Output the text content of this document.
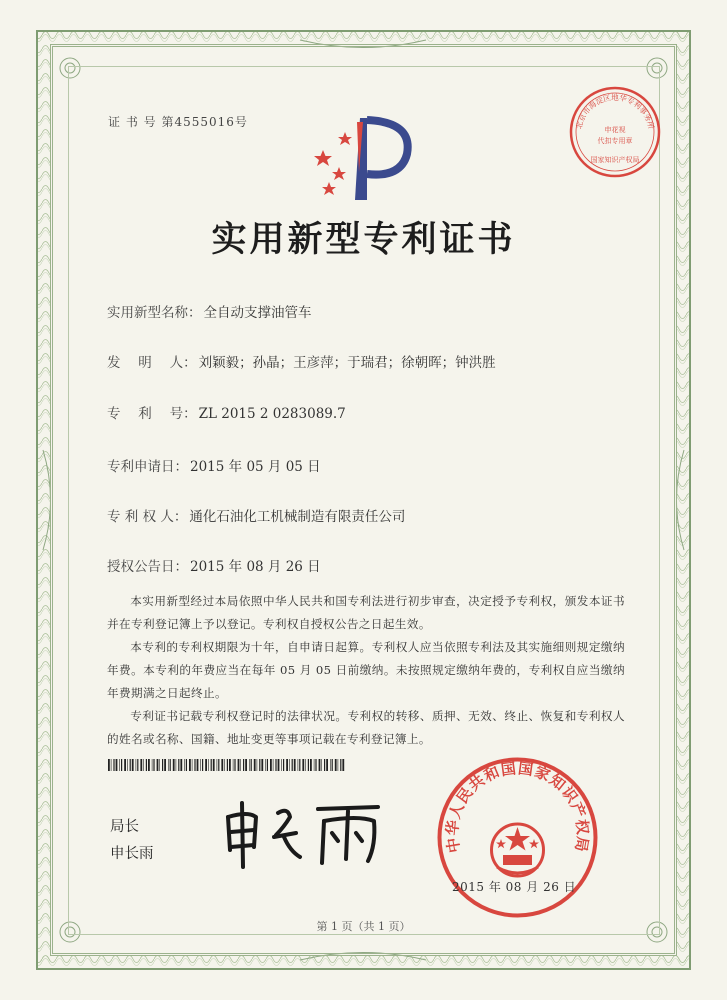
证 书 号 第4555016号	北京市海淀区地华专利事务所
申花视
代扣专用章
国家知识产权局
实用新型专利证书
实用新型名称： 全自动支撑油管车
发　 明 　人： 刘颖毅；孙晶；王彦萍；于瑞君；徐朝晖；钟洪胜
专　 利 　号： ZL 2015 2 0283089.7
专利申请日： 2015 年 05 月 05 日
专 利 权 人： 通化石油化工机械制造有限责任公司
授权公告日： 2015 年 08 月 26 日

本实用新型经过本局依照中华人民共和国专利法进行初步审查，决定授予专利权，颁发本证书并在专利登记簿上予以登记。专利权自授权公告之日起生效。

本专利的专利权期限为十年，自申请日起算。专利权人应当依照专利法及其实施细则规定缴纳年费。本专利的年费应当在每年 05 月 05 日前缴纳。未按照规定缴纳年费的，专利权自应当缴纳年费期满之日起终止。

专利证书记载专利权登记时的法律状况。专利权的转移、质押、无效、终止、恢复和专利权人的姓名或名称、国籍、地址变更等事项记载在专利登记簿上。

局长
申长雨	中华人民共和国国家知识产权局
2015 年 08 月 26 日
第 1 页（共 1 页）
